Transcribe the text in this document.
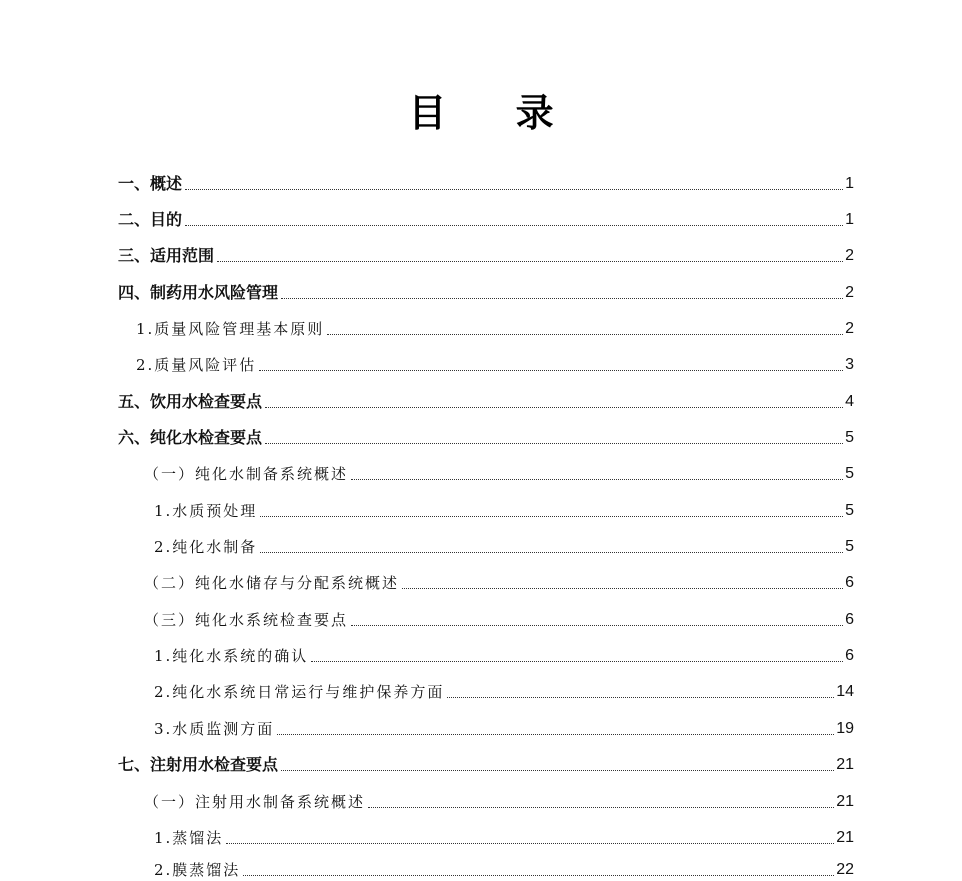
目 录
一、概述	1
二、目的	1
三、适用范围	2
四、制药用水风险管理	2
1.质量风险管理基本原则	2
2.质量风险评估	3
五、饮用水检查要点	4
六、纯化水检查要点	5
（一）纯化水制备系统概述	5
1.水质预处理	5
2.纯化水制备	5
（二）纯化水储存与分配系统概述	6
（三）纯化水系统检查要点	6
1.纯化水系统的确认	6
2.纯化水系统日常运行与维护保养方面	14
3.水质监测方面	19
七、注射用水检查要点	21
（一）注射用水制备系统概述	21
1.蒸馏法	21
2.膜蒸馏法	22
